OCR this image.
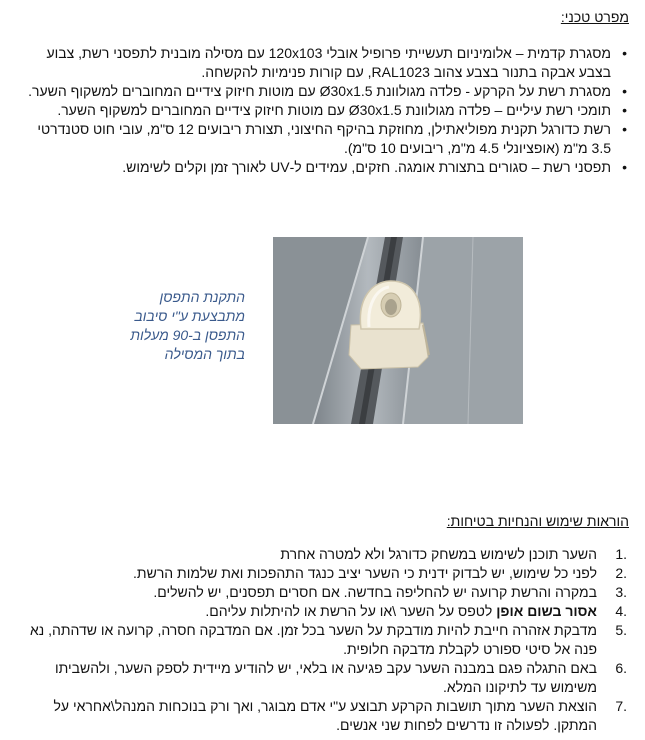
מפרט טכני:
• מסגרת קדמית – אלומיניום תעשייתי פרופיל אובלי 120x103 עם מסילה מובנית לתפסני רשת, צבוע בצבע אבקה בתנור בצבע צהוב RAL1023, עם קורות פנימיות להקשחה.
• מסגרת רשת על הקרקע - פלדה מגולוונת Ø30x1.5 עם מוטות חיזוק צידיים המחוברים למשקוף השער.
• תומכי רשת עיליים – פלדה מגולוונת Ø30x1.5 עם מוטות חיזוק צידיים המחוברים למשקוף השער.
• רשת כדורגל תקנית מפוליאתילן, מחוזקת בהיקף החיצוני, תצורת ריבועים 12 ס"מ, עובי חוט סטנדרטי 3.5 מ"מ (אופציונלי 4.5 מ"מ, ריבועים 10 ס"מ).
• תפסני רשת – סגורים בתצורת אומגה. חזקים, עמידים ל-UV לאורך זמן וקלים לשימוש.
התקנת התפסן
מתבצעת ע"י סיבוב
התפסן ב-90 מעלות
בתוך המסילה
הוראות שימוש והנחיות בטיחות:
.1
השער תוכנן לשימוש במשחק כדורגל ולא למטרה אחרת
.2
לפני כל שימוש, יש לבדוק ידנית כי השער יציב כנגד התהפכות ואת שלמות הרשת.
.3
במקרה והרשת קרועה יש להחליפה בחדשה. אם חסרים תפסנים, יש להשלים.
.4
אסור בשום אופן לטפס על השער \או על הרשת או להיתלות עליהם.
.5
מדבקת אזהרה חייבת להיות מודבקת על השער בכל זמן. אם המדבקה חסרה, קרועה או שדהתה, נא פנה אל סיטי ספורט לקבלת מדבקה חלופית.
.6
באם התגלה פגם במבנה השער עקב פגיעה או בלאי, יש להודיע מיידית לספק השער, ולהשביתו משימוש עד לתיקונו המלא.
.7
הוצאת השער מתוך תושבות הקרקע תבוצע ע"י אדם מבוגר, ואך ורק בנוכחות המנהל\אחראי על המתקן. לפעולה זו נדרשים לפחות שני אנשים.
